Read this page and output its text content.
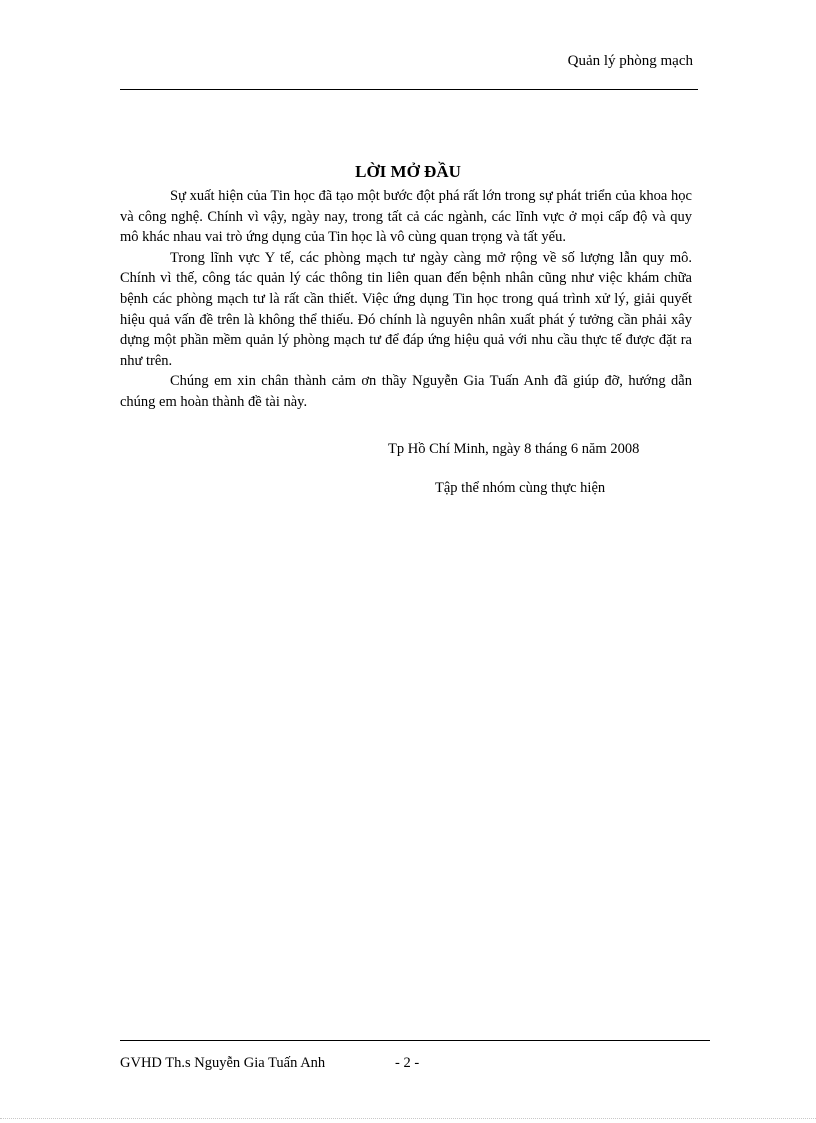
Quản lý phòng mạch
LỜI MỞ ĐẦU

Sự xuất hiện của Tin học đã tạo một bước đột phá rất lớn trong sự phát triển của khoa học và công nghệ. Chính vì vậy, ngày nay, trong tất cả các ngành, các lĩnh vực ở mọi cấp độ và quy mô khác nhau vai trò ứng dụng của Tin học là vô cùng quan trọng và tất yếu.

Trong lĩnh vực Y tế, các phòng mạch tư ngày càng mở rộng về số lượng lẫn quy mô. Chính vì thế, công tác quản lý các thông tin liên quan đến bệnh nhân cũng như việc khám chữa bệnh các phòng mạch tư là rất cần thiết. Việc ứng dụng Tin học trong quá trình xử lý, giải quyết hiệu quả vấn đề trên là không thể thiếu. Đó chính là nguyên nhân xuất phát ý tưởng cần phải xây dựng một phần mềm quản lý phòng mạch tư để đáp ứng hiệu quả với nhu cầu thực tế được đặt ra như trên.

Chúng em xin chân thành cảm ơn thầy Nguyễn Gia Tuấn Anh đã giúp đỡ, hướng dẫn chúng em hoàn thành đề tài này.

Tp Hồ Chí Minh, ngày 8 tháng 6 năm 2008
Tập thể nhóm cùng thực hiện
GVHD Th.s Nguyễn Gia Tuấn Anh	- 2 -
